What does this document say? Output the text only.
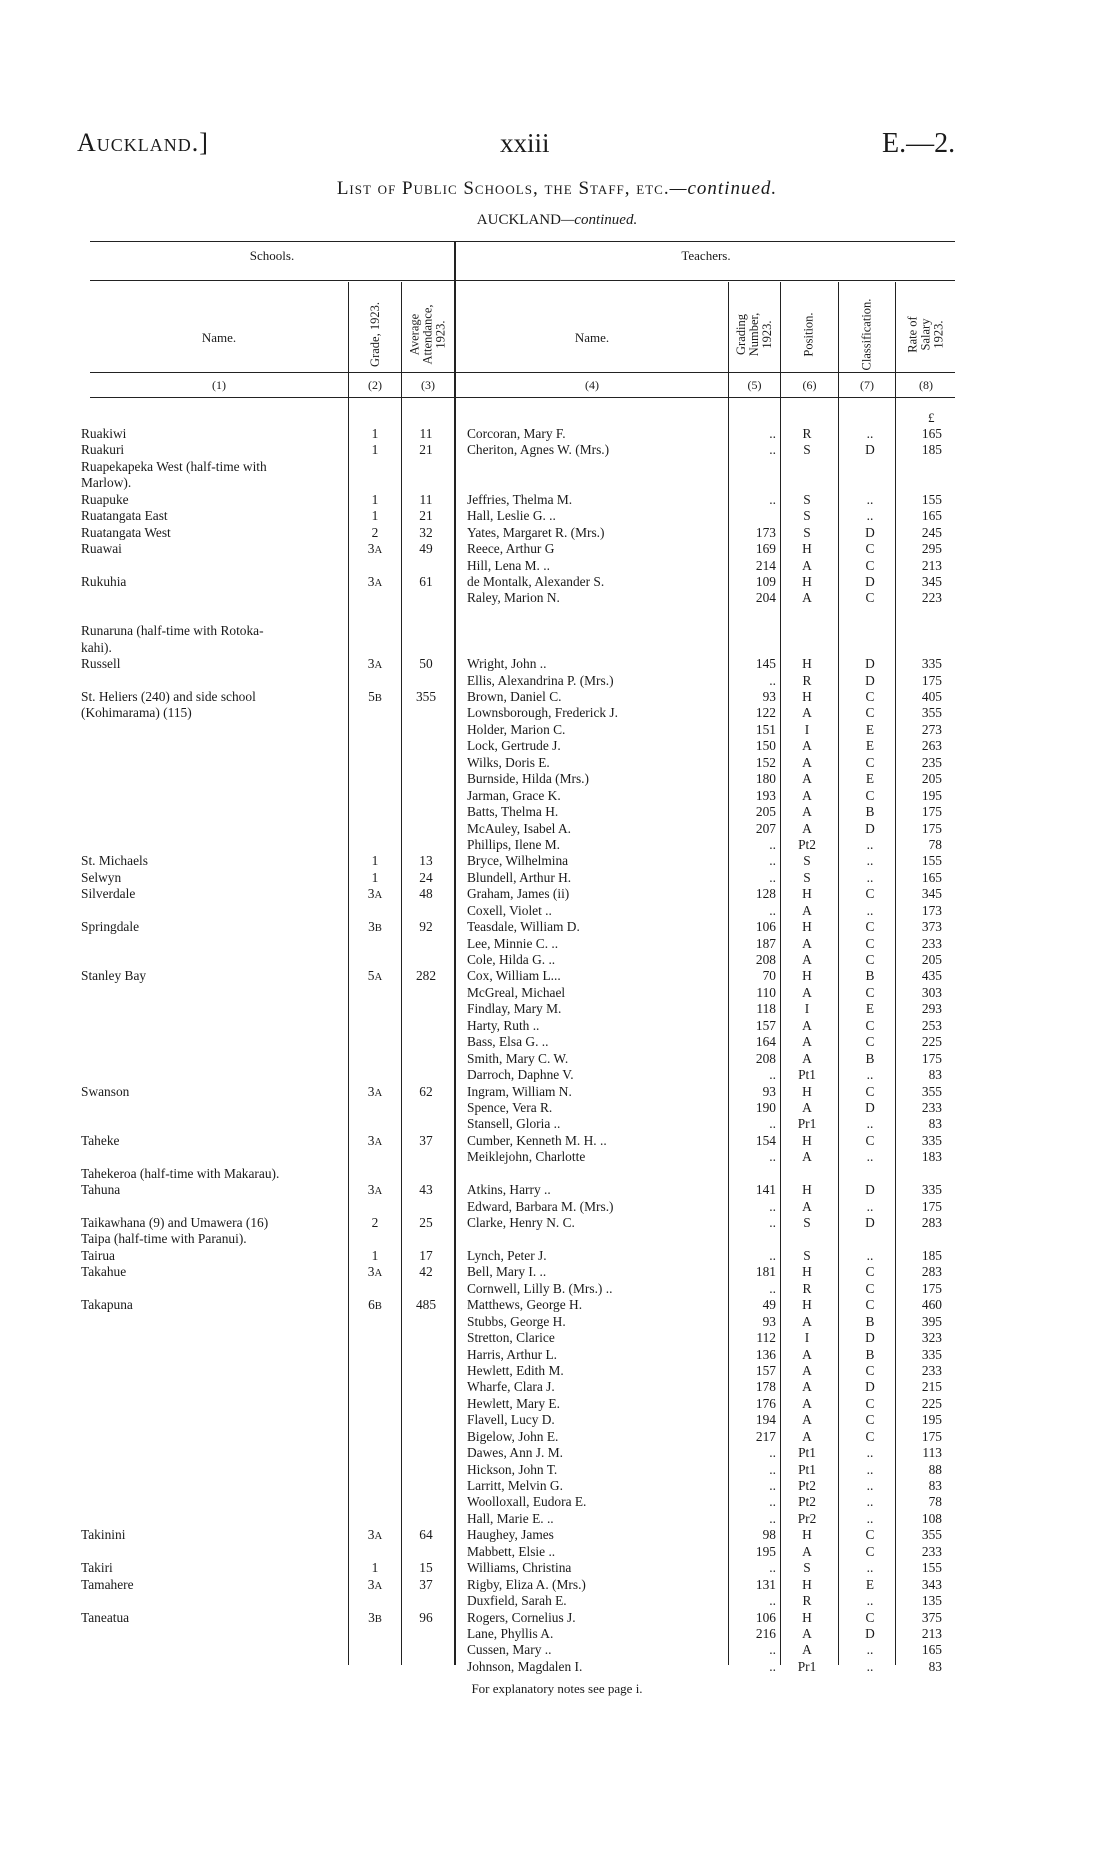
Auckland.]	xxiii	E.—2.
List of Public Schools, the Staff, etc.—continued.
AUCKLAND—continued.
Schools.	Teachers.
Name.	Grade, 1923. Average Attendance, 1923.	Name.	Grading Number, 1923. Position.	Classification.	Rate of Salary 1923.
(1)	(2)	(3)	(4)	(5)	(6)	(7)	(8)
£
Ruakiwi	1	11	Corcoran, Mary F.	..	R	..	165
Ruakuri	1	21	Cheriton, Agnes W. (Mrs.)	..	S	D	185
Ruapekapeka West (half-time with
Marlow).
Ruapuke	1	11	Jeffries, Thelma M.	..	S	..	155
Ruatangata East	1	21	Hall, Leslie G. ..	S	..	165
Ruatangata West	2	32	Yates, Margaret R. (Mrs.)	173	S	D	245
Ruawai	3A	49	Reece, Arthur G	169	H	C	295
Hill, Lena M. ..	214	A	C	213
Rukuhia	3A	61	de Montalk, Alexander S.	109	H	D	345
Raley, Marion N.	204	A	C	223
Runaruna (half-time with Rotoka-
kahi).
Russell	3A	50	Wright, John ..	145	H	D	335
Ellis, Alexandrina P. (Mrs.)	..	R	D	175
St. Heliers (240) and side school	5B	355	Brown, Daniel C.	93	H	C	405
(Kohimarama) (115)	Lownsborough, Frederick J.	122	A	C	355
Holder, Marion C.	151	I	E	273
Lock, Gertrude J.	150	A	E	263
Wilks, Doris E.	152	A	C	235
Burnside, Hilda (Mrs.)	180	A	E	205
Jarman, Grace K.	193	A	C	195
Batts, Thelma H.	205	A	B	175
McAuley, Isabel A.	207	A	D	175
Phillips, Ilene M.	..	Pt2	..	78
St. Michaels	1	13	Bryce, Wilhelmina	..	S	..	155
Selwyn	1	24	Blundell, Arthur H.	..	S	..	165
Silverdale	3A	48	Graham, James (ii)	128	H	C	345
Coxell, Violet ..	..	A	..	173
Springdale	3B	92	Teasdale, William D.	106	H	C	373
Lee, Minnie C. ..	187	A	C	233
Cole, Hilda G. ..	208	A	C	205
Stanley Bay	5A	282	Cox, William L...	70	H	B	435
McGreal, Michael	110	A	C	303
Findlay, Mary M.	118	I	E	293
Harty, Ruth ..	157	A	C	253
Bass, Elsa G. ..	164	A	C	225
Smith, Mary C. W.	208	A	B	175
Darroch, Daphne V.	..	Pt1	..	83
Swanson	3A	62	Ingram, William N.	93	H	C	355
Spence, Vera R.	190	A	D	233
Stansell, Gloria ..	..	Pr1	..	83
Taheke	3A	37	Cumber, Kenneth M. H. ..	154	H	C	335
Meiklejohn, Charlotte	..	A	..	183
Tahekeroa (half-time with Makarau).
Tahuna	3A	43	Atkins, Harry ..	141	H	D	335
Edward, Barbara M. (Mrs.)	..	A	..	175
Taikawhana (9) and Umawera (16)	2	25	Clarke, Henry N. C.	..	S	D	283
Taipa (half-time with Paranui).
Tairua	1	17	Lynch, Peter J.	..	S	..	185
Takahue	3A	42	Bell, Mary I. ..	181	H	C	283
Cornwell, Lilly B. (Mrs.) ..	..	R	C	175
Takapuna	6B	485	Matthews, George H.	49	H	C	460
Stubbs, George H.	93	A	B	395
Stretton, Clarice	112	I	D	323
Harris, Arthur L.	136	A	B	335
Hewlett, Edith M.	157	A	C	233
Wharfe, Clara J.	178	A	D	215
Hewlett, Mary E.	176	A	C	225
Flavell, Lucy D.	194	A	C	195
Bigelow, John E.	217	A	C	175
Dawes, Ann J. M.	..	Pt1	..	113
Hickson, John T.	..	Pt1	..	88
Larritt, Melvin G.	..	Pt2	..	83
Woolloxall, Eudora E.	..	Pt2	..	78
Hall, Marie E. ..	..	Pr2	..	108
Takinini	3A	64	Haughey, James	98	H	C	355
Mabbett, Elsie ..	195	A	C	233
Takiri	1	15	Williams, Christina	..	S	..	155
Tamahere	3A	37	Rigby, Eliza A. (Mrs.)	131	H	E	343
Duxfield, Sarah E.	..	R	..	135
Taneatua	3B	96	Rogers, Cornelius J.	106	H	C	375
Lane, Phyllis A.	216	A	D	213
Cussen, Mary ..	..	A	..	165
Johnson, Magdalen I.	..	Pr1	..	83
For explanatory notes see page i.
